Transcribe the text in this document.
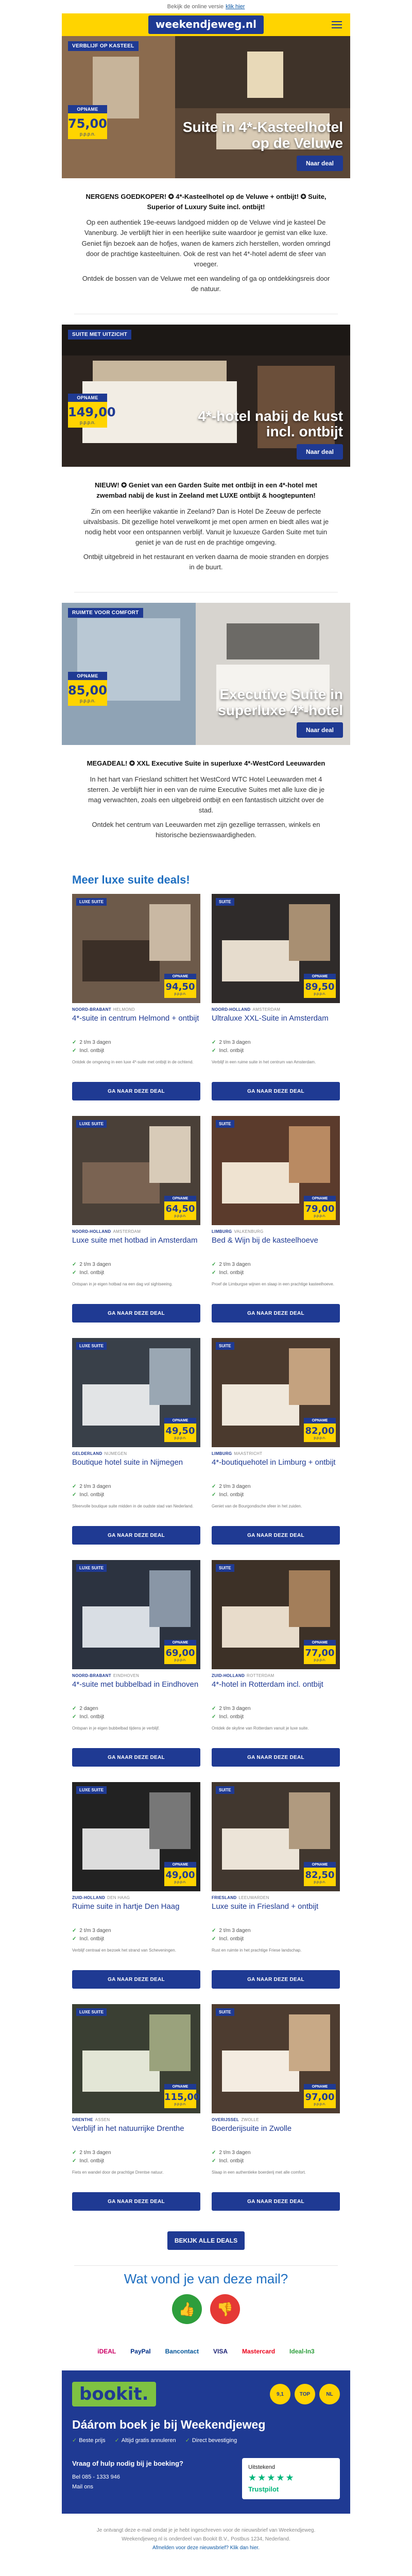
Bekijk de online versie klik hier
weekendjeweg.nl
VERBLIJF OP KASTEEL
OPNAME
75,00
p.p.p.n.	Suite in 4*-Kasteelhotel op de Veluwe
Naar deal
NERGENS GOEDKOPER! ✪ 4*-Kasteelhotel op de Veluwe + ontbijt! ✪ Suite, Superior of Luxury Suite incl. ontbijt!

Op een authentiek 19e-eeuws landgoed midden op de Veluwe vind je kasteel De Vanenburg. Je verblijft hier in een heerlijke suite waardoor je gemist van elke luxe. Geniet fijn bezoek aan de hofjes, wanen de kamers zich herstellen, worden omringd door de prachtige kasteeltuinen. Ook de rest van het 4*-hotel ademt de sfeer van vroeger.

Ontdek de bossen van de Veluwe met een wandeling of ga op ontdekkingsreis door de natuur.

SUITE MET UITZICHT
OPNAME
149,00
p.p.p.n.	4*-hotel nabij de kust incl. ontbijt
Naar deal
NIEUW! ✪ Geniet van een Garden Suite met ontbijt in een 4*-hotel met zwembad nabij de kust in Zeeland met LUXE ontbijt & hoogtepunten!

Zin om een heerlijke vakantie in Zeeland? Dan is Hotel De Zeeuw de perfecte uitvalsbasis. Dit gezellige hotel verwelkomt je met open armen en biedt alles wat je nodig hebt voor een ontspannen verblijf. Vanuit je luxueuze Garden Suite met tuin geniet je van de rust en de prachtige omgeving.

Ontbijt uitgebreid in het restaurant en verken daarna de mooie stranden en dorpjes in de buurt.

RUIMTE VOOR COMFORT
OPNAME
85,00
p.p.p.n.	Executive Suite in superluxe 4*-hotel
Naar deal
MEGADEAL! ✪ XXL Executive Suite in superluxe 4*-WestCord Leeuwarden

In het hart van Friesland schittert het WestCord WTC Hotel Leeuwarden met 4 sterren. Je verblijft hier in een van de ruime Executive Suites met alle luxe die je mag verwachten, zoals een uitgebreid ontbijt en een fantastisch uitzicht over de stad.

Ontdek het centrum van Leeuwarden met zijn gezellige terrassen, winkels en historische bezienswaardigheden.

Meer luxe suite deals!
LUXE SUITE
OPNAME
94,50
p.p.p.n.
NOORD-BRABANT HELMOND
4*-suite in centrum Helmond + ontbijt
✓ 2 t/m 3 dagen
✓ Incl. ontbijt
Ontdek de omgeving in een luxe 4*-suite met ontbijt in de ochtend.
GA NAAR DEZE DEAL
SUITE
OPNAME
89,50
p.p.p.n.
NOORD-HOLLAND AMSTERDAM
Ultraluxe XXL-Suite in Amsterdam
✓ 2 t/m 3 dagen
✓ Incl. ontbijt
Verblijf in een ruime suite in het centrum van Amsterdam.
GA NAAR DEZE DEAL
LUXE SUITE
OPNAME
64,50
p.p.p.n.
NOORD-HOLLAND AMSTERDAM
Luxe suite met hotbad in Amsterdam
✓ 2 t/m 3 dagen
✓ Incl. ontbijt
Ontspan in je eigen hotbad na een dag vol sightseeing.
GA NAAR DEZE DEAL
SUITE
OPNAME
79,00
p.p.p.n.
LIMBURG VALKENBURG
Bed & Wijn bij de kasteelhoeve
✓ 2 t/m 3 dagen
✓ Incl. ontbijt
Proef de Limburgse wijnen en slaap in een prachtige kasteelhoeve.
GA NAAR DEZE DEAL
LUXE SUITE
OPNAME
49,50
p.p.p.n.
GELDERLAND NIJMEGEN
Boutique hotel suite in Nijmegen
✓ 2 t/m 3 dagen
✓ Incl. ontbijt
Sfeervolle boutique suite midden in de oudste stad van Nederland.
GA NAAR DEZE DEAL
SUITE
OPNAME
82,00
p.p.p.n.
LIMBURG MAASTRICHT
4*-boutiquehotel in Limburg + ontbijt
✓ 2 t/m 3 dagen
✓ Incl. ontbijt
Geniet van de Bourgondische sfeer in het zuiden.
GA NAAR DEZE DEAL
LUXE SUITE
OPNAME
69,00
p.p.p.n.
NOORD-BRABANT EINDHOVEN
4*-suite met bubbelbad in Eindhoven
✓ 2 dagen
✓ Incl. ontbijt
Ontspan in je eigen bubbelbad tijdens je verblijf.
GA NAAR DEZE DEAL
SUITE
OPNAME
77,00
p.p.p.n.
ZUID-HOLLAND ROTTERDAM
4*-hotel in Rotterdam incl. ontbijt
✓ 2 t/m 3 dagen
✓ Incl. ontbijt
Ontdek de skyline van Rotterdam vanuit je luxe suite.
GA NAAR DEZE DEAL
LUXE SUITE
OPNAME
49,00
p.p.p.n.
ZUID-HOLLAND DEN HAAG
Ruime suite in hartje Den Haag
✓ 2 t/m 3 dagen
✓ Incl. ontbijt
Verblijf centraal en bezoek het strand van Scheveningen.
GA NAAR DEZE DEAL
SUITE
OPNAME
82,50
p.p.p.n.
FRIESLAND LEEUWARDEN
Luxe suite in Friesland + ontbijt
✓ 2 t/m 3 dagen
✓ Incl. ontbijt
Rust en ruimte in het prachtige Friese landschap.
GA NAAR DEZE DEAL
LUXE SUITE
OPNAME
115,00
p.p.p.n.
DRENTHE ASSEN
Verblijf in het natuurrijke Drenthe
✓ 2 t/m 3 dagen
✓ Incl. ontbijt
Fiets en wandel door de prachtige Drentse natuur.
GA NAAR DEZE DEAL
SUITE
OPNAME
97,00
p.p.p.n.
OVERIJSSEL ZWOLLE
Boerderijsuite in Zwolle
✓ 2 t/m 3 dagen
✓ Incl. ontbijt
Slaap in een authentieke boerderij met alle comfort.
GA NAAR DEZE DEAL
BEKIJK ALLE DEALS
Wat vond je van deze mail?
👍	👎
iDEAL PayPal Bancontact VISA Mastercard Ideal-In3
bookit.	9,1	TOP	NL
Dáárom boek je bij Weekendjeweg
✓ Beste prijs	✓ Altijd gratis annuleren	✓ Direct bevestiging
Vraag of hulp nodig bij je boeking?
Bel 085 - 1333 946
Mail ons
Uitstekend
★★★★★
Trustpilot
Je ontvangt deze e-mail omdat je je hebt ingeschreven voor de nieuwsbrief van Weekendjeweg.
Weekendjeweg.nl is onderdeel van Bookit B.V., Postbus 1234, Nederland.
Afmelden voor deze nieuwsbrief? Klik dan hier.
